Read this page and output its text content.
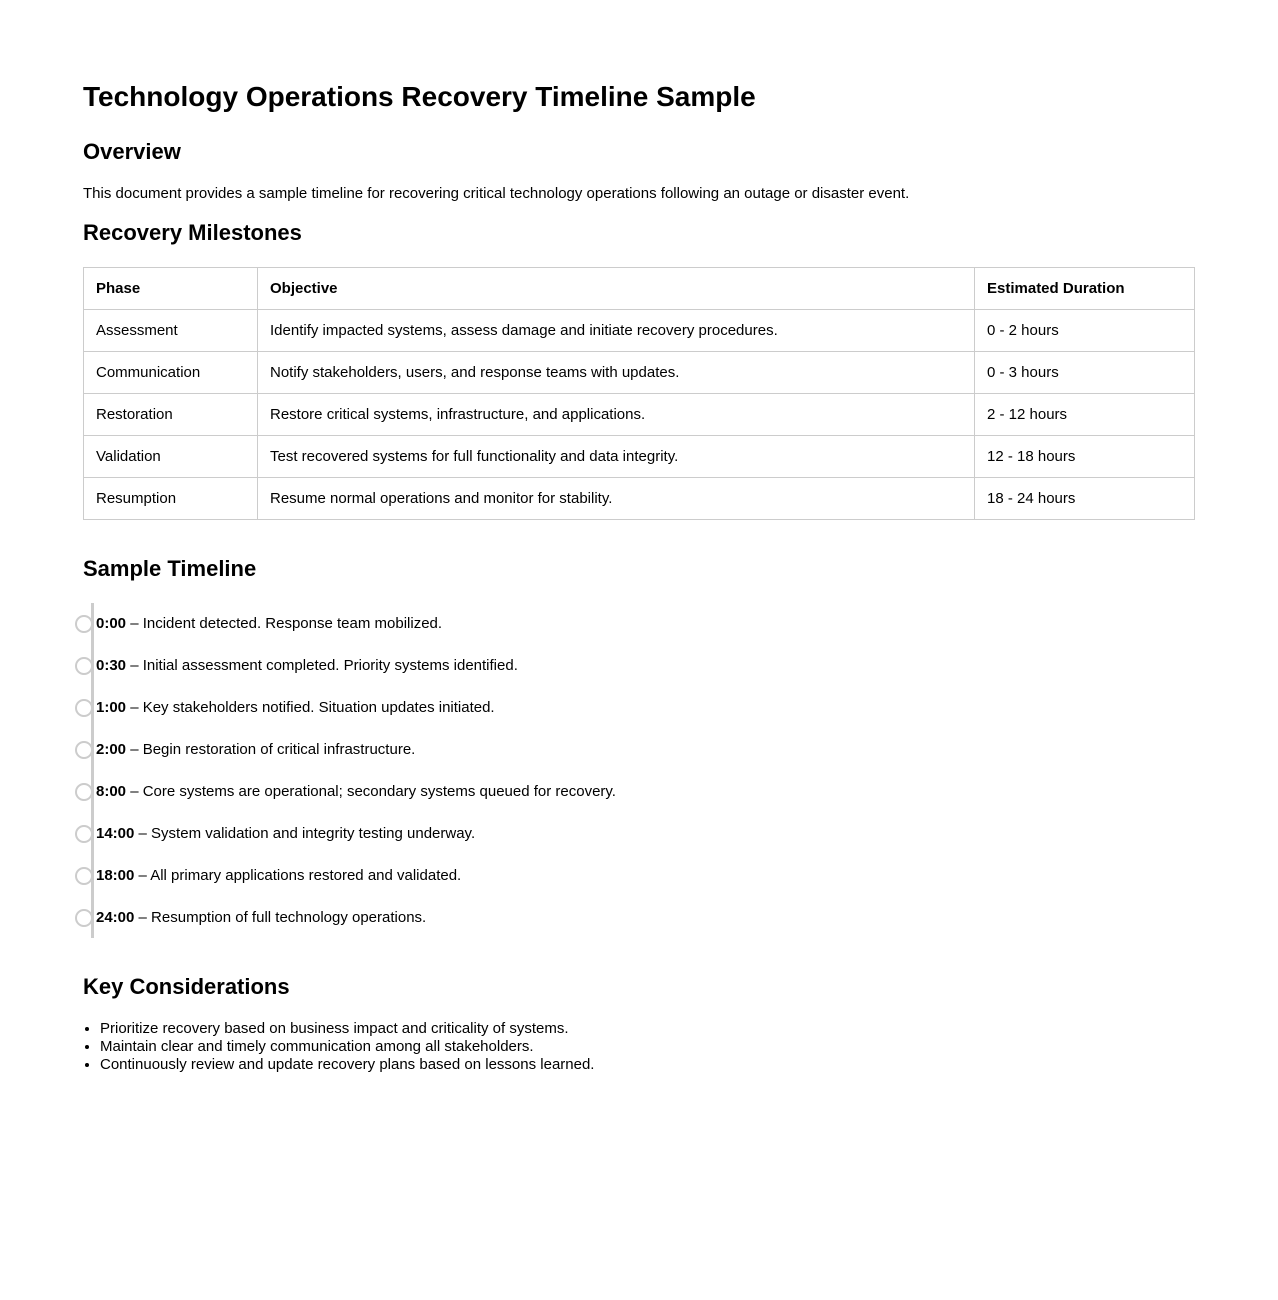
Technology Operations Recovery Timeline Sample
Overview

This document provides a sample timeline for recovering critical technology operations following an outage or disaster event.

Recovery Milestones
Phase	Objective	Estimated Duration
Assessment	Identify impacted systems, assess damage and initiate recovery procedures.	0 - 2 hours
Communication	Notify stakeholders, users, and response teams with updates.	0 - 3 hours
Restoration	Restore critical systems, infrastructure, and applications.	2 - 12 hours
Validation	Test recovered systems for full functionality and data integrity.	12 - 18 hours
Resumption	Resume normal operations and monitor for stability.	18 - 24 hours
Sample Timeline

0:00 – Incident detected. Response team mobilized.

0:30 – Initial assessment completed. Priority systems identified.

1:00 – Key stakeholders notified. Situation updates initiated.

2:00 – Begin restoration of critical infrastructure.

8:00 – Core systems are operational; secondary systems queued for recovery.

14:00 – System validation and integrity testing underway.

18:00 – All primary applications restored and validated.

24:00 – Resumption of full technology operations.

Key Considerations
• Prioritize recovery based on business impact and criticality of systems.
• Maintain clear and timely communication among all stakeholders.
• Continuously review and update recovery plans based on lessons learned.
